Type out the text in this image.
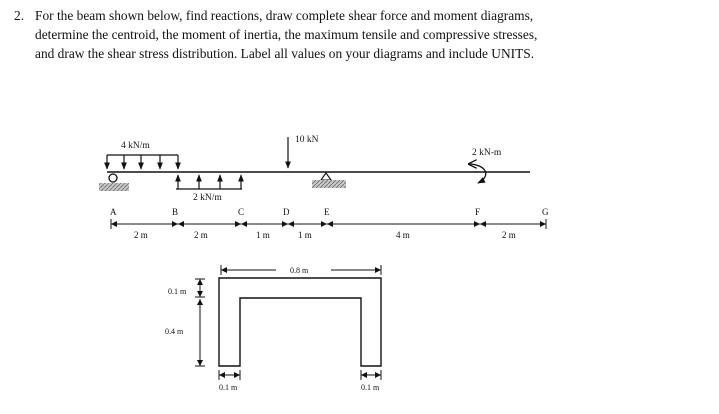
2. For the beam shown below, find reactions, draw complete shear force and moment diagrams,
determine the centroid, the moment of inertia, the maximum tensile and compressive stresses,
and draw the shear stress distribution. Label all values on your diagrams and include UNITS.
4 kN/m
2 kN/m
10 kN
2 kN-m
A	B	C	D	E	F	G
2 m	2 m	1 m	1 m	4 m	2 m
0.8 m
0.1 m
0.4 m
0.1 m	0.1 m
